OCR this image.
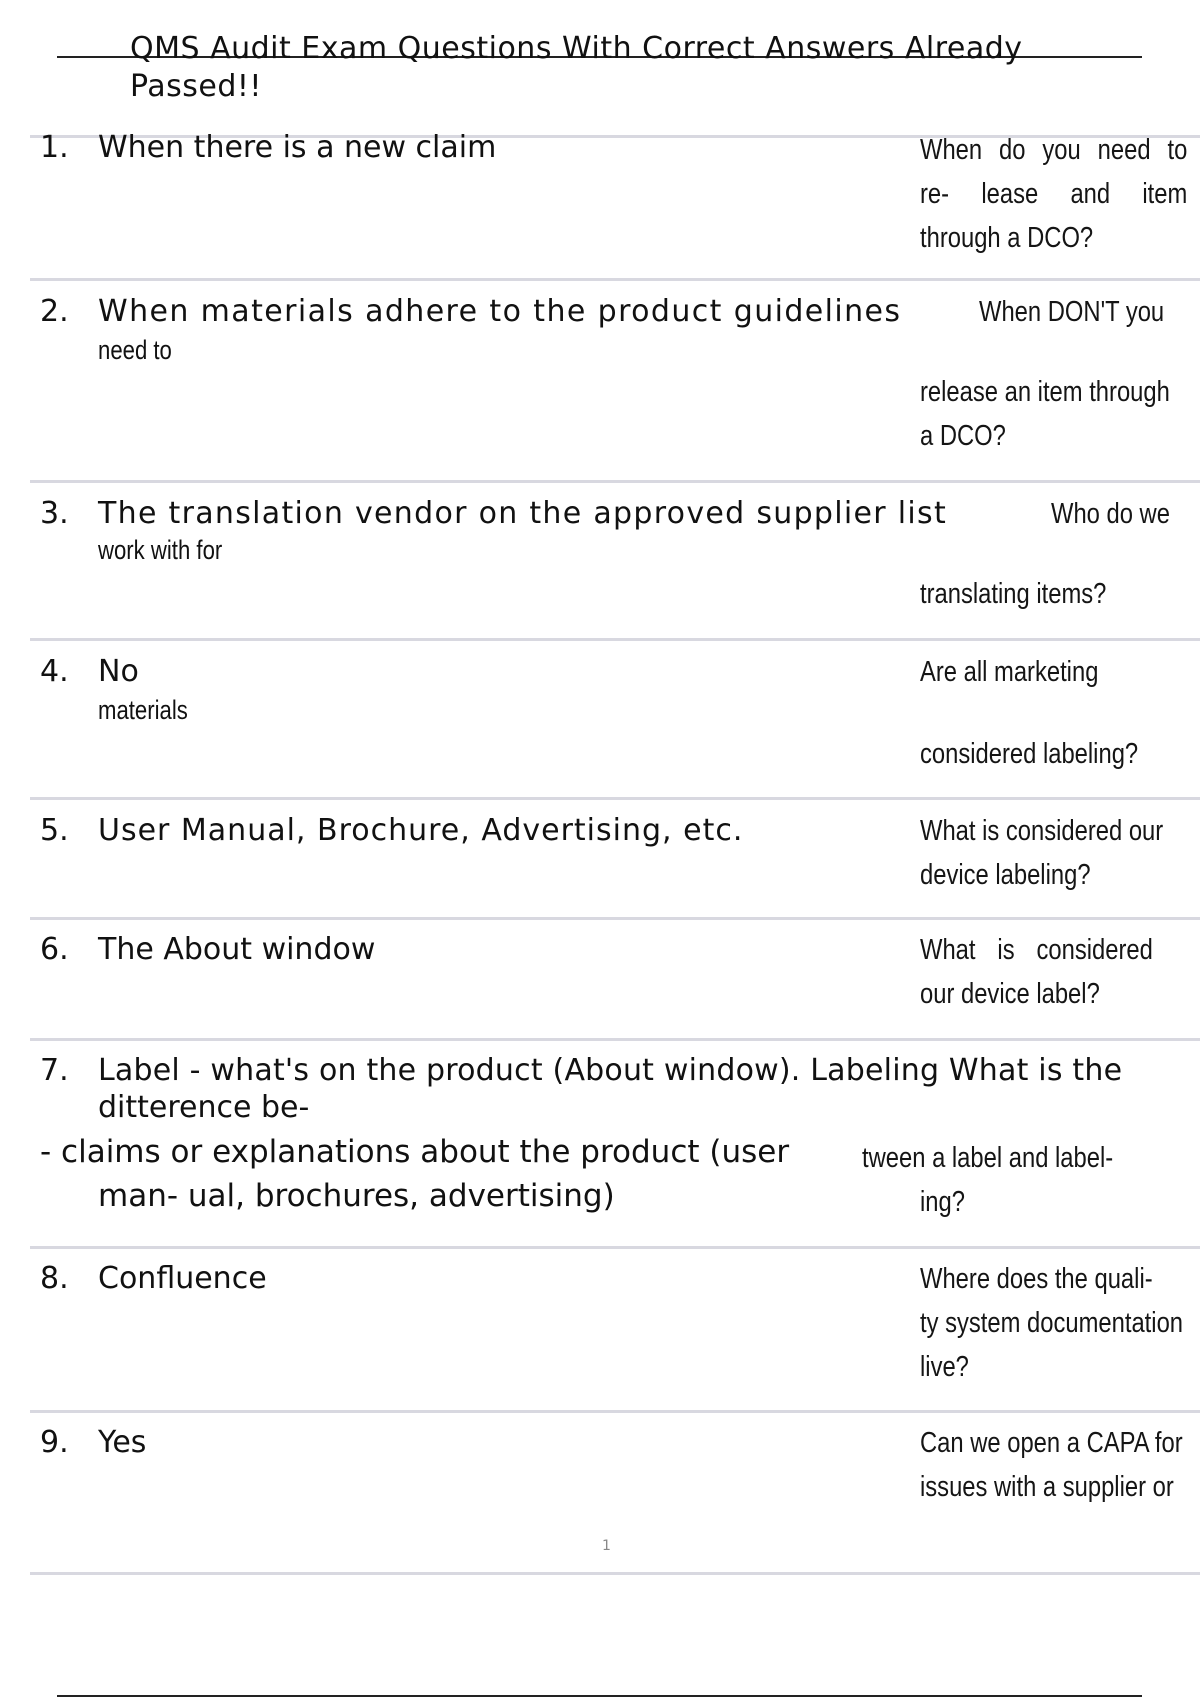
QMS Audit Exam Questions With Correct Answers Already
Passed!!
1. When there is a new claim	When do you need to
re- lease and item
through a DCO?
2. When materials adhere to the product guidelines	When DON'T you
need to
release an item through
a DCO?
3. The translation vendor on the approved supplier list	Who do we
work with for
translating items?
4. No	Are all marketing
materials
considered labeling?
5. User Manual, Brochure, Advertising, etc.	What is considered our
device labeling?
6. The About window	What is considered
our device label?
7. Label - what's on the product (About window). Labeling What is the
ditterence be-
- claims or explanations about the product (user	tween a label and label-
man- ual, brochures, advertising)	ing?
8. Confluence	Where does the quali-
ty system documentation
live?
9. Yes	Can we open a CAPA for
issues with a supplier or
1
